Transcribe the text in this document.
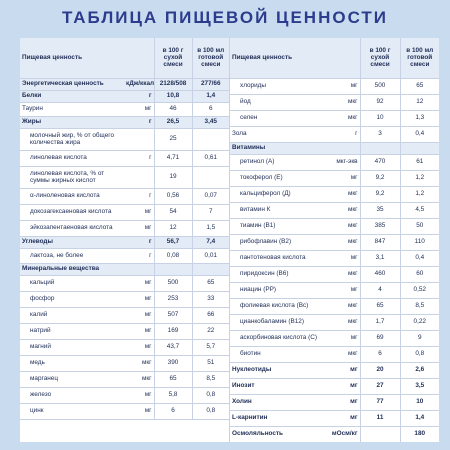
ТАБЛИЦА ПИЩЕВОЙ ЦЕННОСТИ
Пищевая ценность		в 100 г сухой смеси	в 100 мл готовой смеси
Энергетическая ценность	кДж/ккал	2128/508	277/66
Белки	г	10,8	1,4
Таурин	мг	46	6
Жиры	г	26,5	3,45
молочный жир, % от общего количества жира		25	
линолевая кислота	г	4,71	0,61
линолевая кислота, % от суммы жирных кислот		19	
α-линоленовая кислота	г	0,56	0,07
докозагексаеновая кислота	мг	54	7
эйкозапентаеновая кислота	мг	12	1,5
Углеводы	г	56,7	7,4
лактоза, не более	г	0,08	0,01
Минеральные вещества			
кальций	мг	500	65
фосфор	мг	253	33
калий	мг	507	66
натрий	мг	169	22
магний	мг	43,7	5,7
медь	мкг	390	51
марганец	мкг	65	8,5
железо	мг	5,8	0,8
цинк	мг	6	0,8
Пищевая ценность		в 100 г сухой смеси	в 100 мл готовой смеси
хлориды	мг	500	65
йод	мкг	92	12
селен	мкг	10	1,3
Зола	г	3	0,4
Витамины			
ретинол (А)	мкг-экв	470	61
токоферол (Е)	мг	9,2	1,2
кальциферол (Д)	мкг	9,2	1,2
витамин К	мкг	35	4,5
тиамин (В1)	мкг	385	50
рибофлавин (В2)	мкг	847	110
пантотеновая кислота	мг	3,1	0,4
пиридоксин (В6)	мкг	460	60
ниацин (РР)	мг	4	0,52
фолиевая кислота (Вс)	мкг	65	8,5
цианкобаламин (В12)	мкг	1,7	0,22
аскорбиновая кислота (С)	мг	69	9
биотин	мкг	6	0,8
Нуклеотиды	мг	20	2,6
Инозит	мг	27	3,5
Холин	мг	77	10
L-карнитин	мг	11	1,4
Осмоляльность	мОсм/кг		180
